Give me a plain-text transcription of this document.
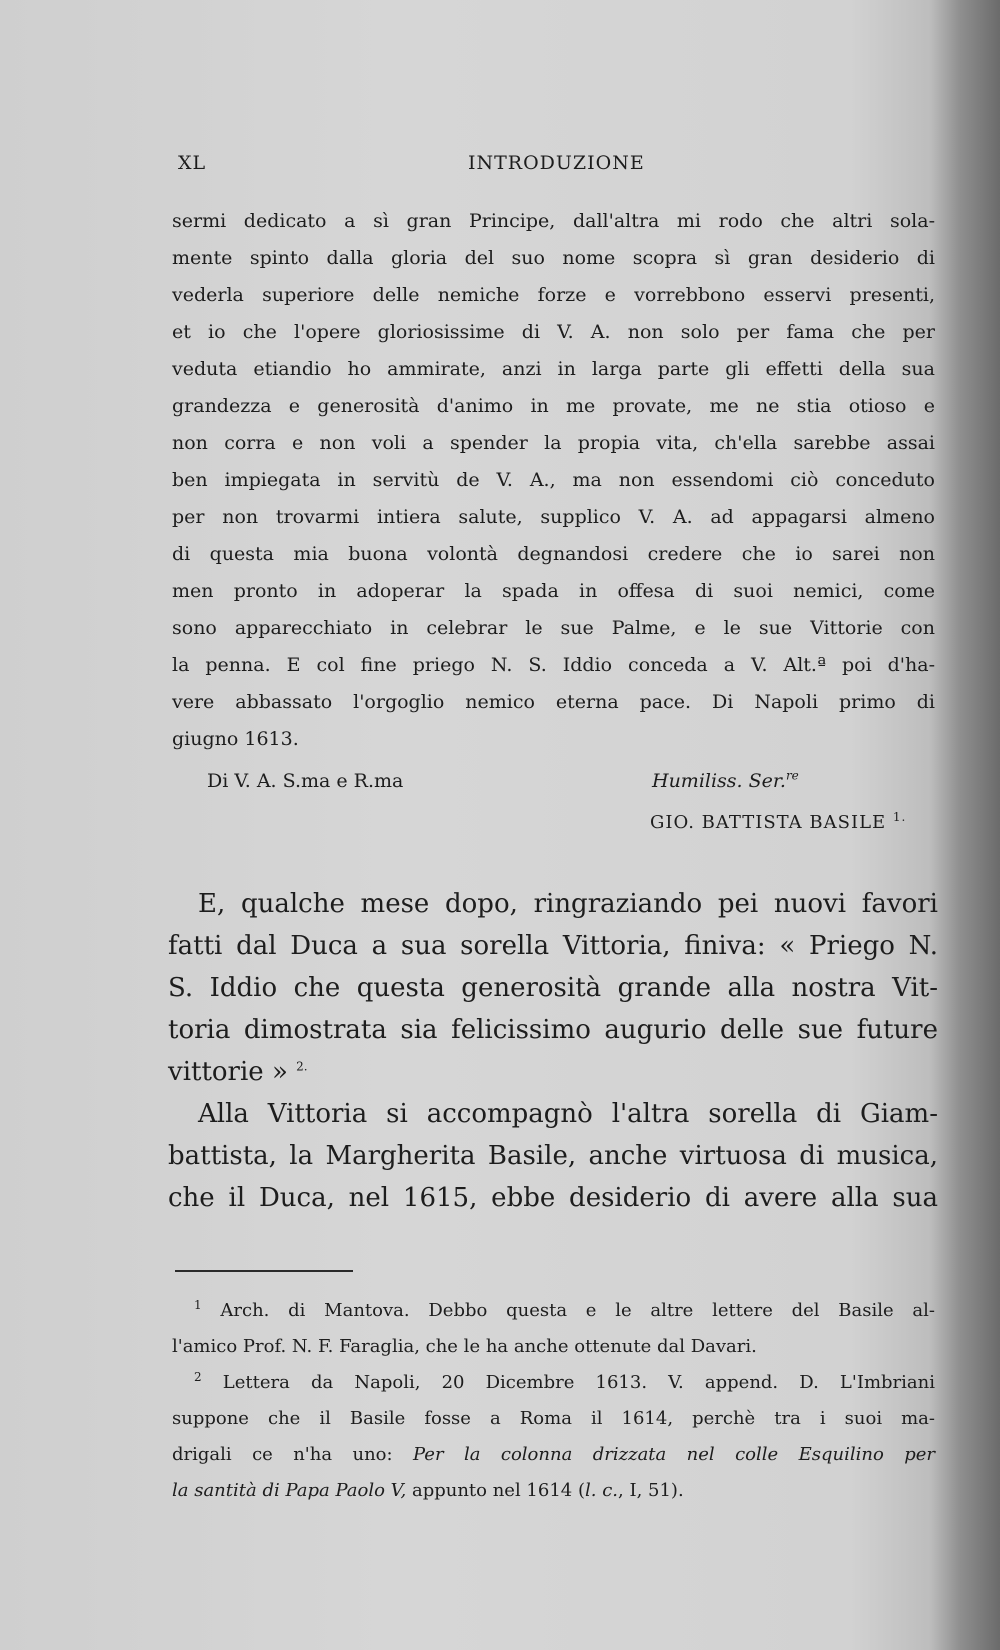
XL	INTRODUZIONE
sermi dedicato a sì gran Principe, dall'altra mi rodo che altri sola-
mente spinto dalla gloria del suo nome scopra sì gran desiderio di
vederla superiore delle nemiche forze e vorrebbono esservi presenti,
et io che l'opere gloriosissime di V. A. non solo per fama che per
veduta etiandio ho ammirate, anzi in larga parte gli effetti della sua
grandezza e generosità d'animo in me provate, me ne stia otioso e
non corra e non voli a spender la propia vita, ch'ella sarebbe assai
ben impiegata in servitù de V. A., ma non essendomi ciò conceduto
per non trovarmi intiera salute, supplico V. A. ad appagarsi almeno
di questa mia buona volontà degnandosi credere che io sarei non
men pronto in adoperar la spada in offesa di suoi nemici, come
sono apparecchiato in celebrar le sue Palme, e le sue Vittorie con
la penna. E col fine priego N. S. Iddio conceda a V. Alt.ª poi d'ha-
vere abbassato l'orgoglio nemico eterna pace. Di Napoli primo di
giugno 1613.
Di V. A. S.ma e R.ma	Humiliss. Ser.$^{re}$
GIO. BATTISTA BASILE $^{1.}$
E, qualche mese dopo, ringraziando pei nuovi favori
fatti dal Duca a sua sorella Vittoria, finiva: « Priego N.
S. Iddio che questa generosità grande alla nostra Vit-
toria dimostrata sia felicissimo augurio delle sue future
vittorie » $^{2.}$
Alla Vittoria si accompagnò l'altra sorella di Giam-
battista, la Margherita Basile, anche virtuosa di musica,
che il Duca, nel 1615, ebbe desiderio di avere alla sua
$^1$ Arch. di Mantova. Debbo questa e le altre lettere del Basile al-
l'amico Prof. N. F. Faraglia, che le ha anche ottenute dal Davari.
$^2$ Lettera da Napoli, 20 Dicembre 1613. V. append. D. L'Imbriani
suppone che il Basile fosse a Roma il 1614, perchè tra i suoi ma-
drigali ce n'ha uno: Per la colonna drizzata nel colle Esquilino per
la santità di Papa Paolo V, appunto nel 1614 (l. c., I, 51).
